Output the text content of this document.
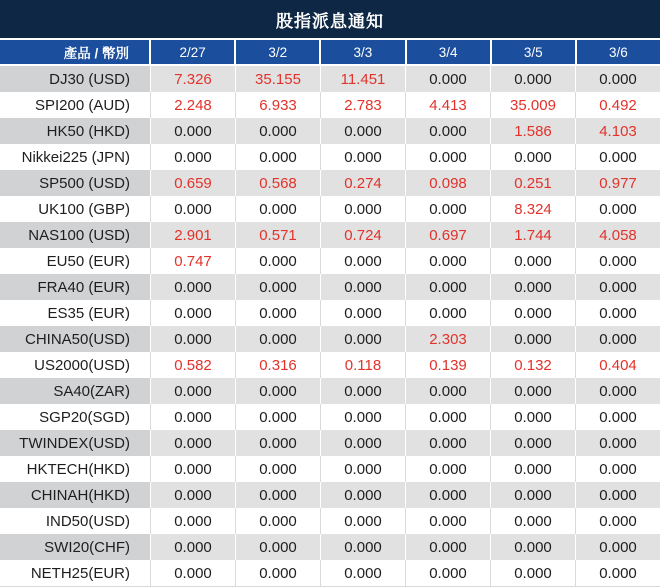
股指派息通知
產品 / 幣別	2/27	3/2	3/3	3/4	3/5	3/6
DJ30 (USD)	7.326	35.155	11.451	0.000	0.000	0.000
SPI200 (AUD)	2.248	6.933	2.783	4.413	35.009	0.492
HK50 (HKD)	0.000	0.000	0.000	0.000	1.586	4.103
Nikkei225 (JPN)	0.000	0.000	0.000	0.000	0.000	0.000
SP500 (USD)	0.659	0.568	0.274	0.098	0.251	0.977
UK100 (GBP)	0.000	0.000	0.000	0.000	8.324	0.000
NAS100 (USD)	2.901	0.571	0.724	0.697	1.744	4.058
EU50 (EUR)	0.747	0.000	0.000	0.000	0.000	0.000
FRA40 (EUR)	0.000	0.000	0.000	0.000	0.000	0.000
ES35 (EUR)	0.000	0.000	0.000	0.000	0.000	0.000
CHINA50(USD)	0.000	0.000	0.000	2.303	0.000	0.000
US2000(USD)	0.582	0.316	0.118	0.139	0.132	0.404
SA40(ZAR)	0.000	0.000	0.000	0.000	0.000	0.000
SGP20(SGD)	0.000	0.000	0.000	0.000	0.000	0.000
TWINDEX(USD)	0.000	0.000	0.000	0.000	0.000	0.000
HKTECH(HKD)	0.000	0.000	0.000	0.000	0.000	0.000
CHINAH(HKD)	0.000	0.000	0.000	0.000	0.000	0.000
IND50(USD)	0.000	0.000	0.000	0.000	0.000	0.000
SWI20(CHF)	0.000	0.000	0.000	0.000	0.000	0.000
NETH25(EUR)	0.000	0.000	0.000	0.000	0.000	0.000
